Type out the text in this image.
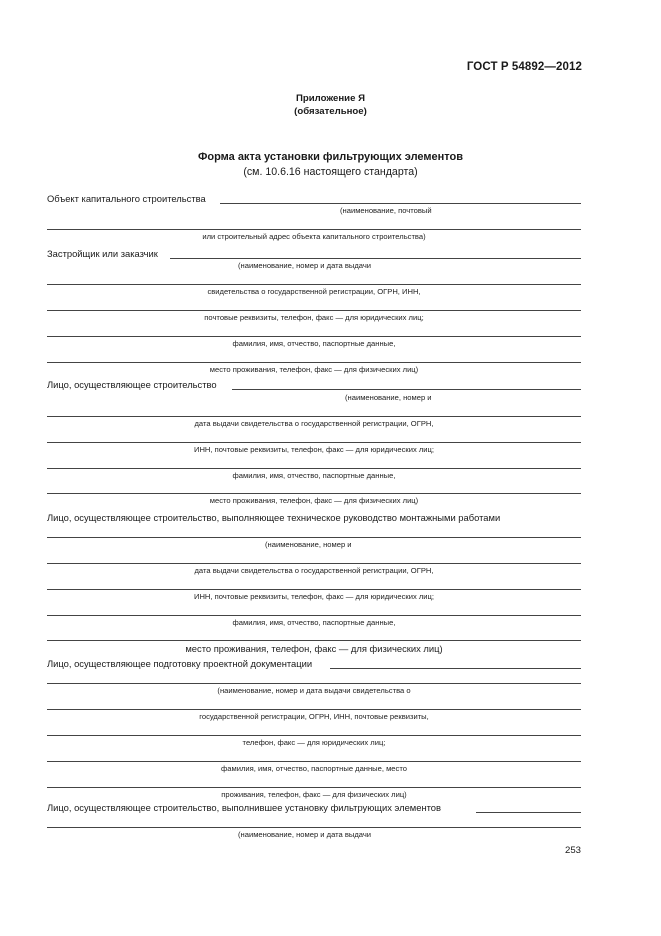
ГОСТ Р 54892—2012
Приложение Я
(обязательное)
Форма акта установки фильтрующих элементов
(см. 10.6.16 настоящего стандарта)
Объект капитального строительства
(наименование, почтовый
или строительный адрес объекта капитального строительства)
Застройщик или заказчик
(наименование, номер и дата выдачи
свидетельства о государственной регистрации, ОГРН, ИНН,
почтовые реквизиты, телефон, факс — для юридических лиц;
фамилия, имя, отчество, паспортные данные,
место проживания, телефон, факс — для физических лиц)
Лицо, осуществляющее строительство
(наименование, номер и
дата выдачи свидетельства о государственной регистрации, ОГРН,
ИНН, почтовые реквизиты, телефон, факс — для юридических лиц;
фамилия, имя, отчество, паспортные данные,
место проживания, телефон, факс — для физических лиц)
Лицо, осуществляющее строительство, выполняющее техническое руководство монтажными работами
(наименование, номер и
дата выдачи свидетельства о государственной регистрации, ОГРН,
ИНН, почтовые реквизиты, телефон, факс — для юридических лиц;
фамилия, имя, отчество, паспортные данные,
место проживания, телефон, факс — для физических лиц)
Лицо, осуществляющее подготовку проектной документации
(наименование, номер и дата выдачи свидетельства о
государственной регистрации, ОГРН, ИНН, почтовые реквизиты,
телефон, факс — для юридических лиц;
фамилия, имя, отчество, паспортные данные, место
проживания, телефон, факс — для физических лиц)
Лицо, осуществляющее строительство, выполнившее установку фильтрующих элементов
(наименование, номер и дата выдачи
253
